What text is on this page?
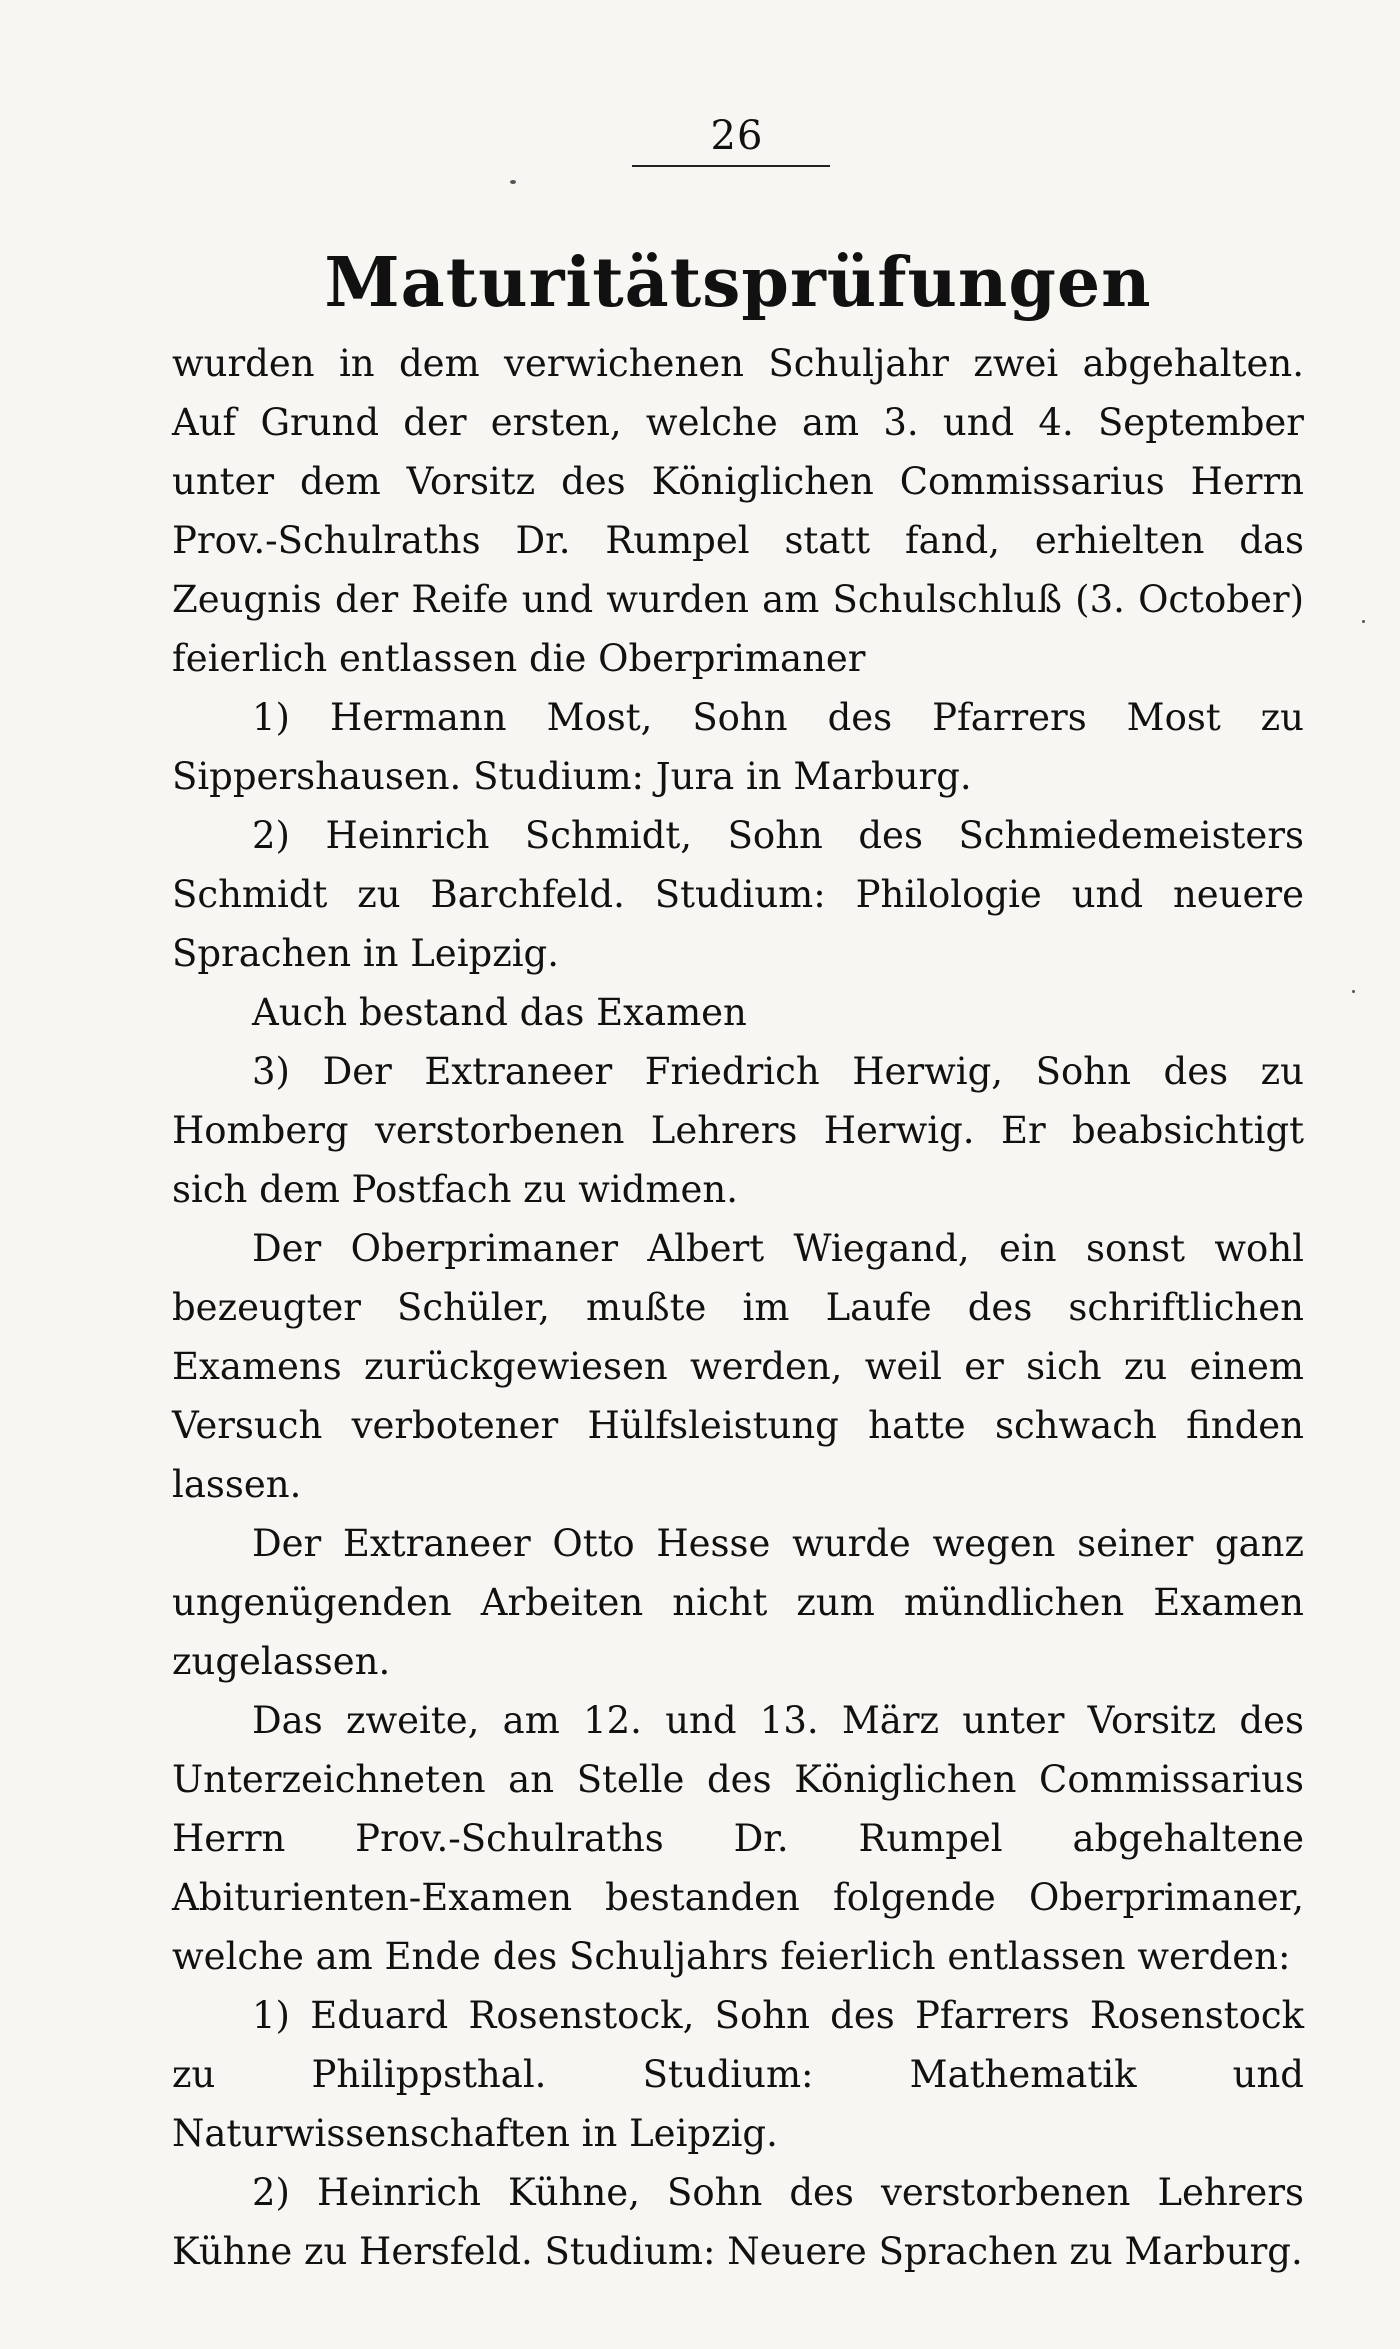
26
Maturitätsprüfungen

wurden in dem verwichenen Schuljahr zwei abgehalten. Auf Grund der ersten, welche am 3. und 4. September unter dem Vorsitz des Königlichen Commissarius Herrn Prov.-Schulraths Dr. Rumpel statt fand, erhielten das Zeugnis der Reife und wurden am Schulschluß (3. October) feierlich entlassen die Oberprimaner

1) Hermann Most, Sohn des Pfarrers Most zu Sippershausen. Studium: Jura in Marburg.

2) Heinrich Schmidt, Sohn des Schmiedemeisters Schmidt zu Barchfeld. Studium: Philologie und neuere Sprachen in Leipzig.

Auch bestand das Examen

3) Der Extraneer Friedrich Herwig, Sohn des zu Homberg verstorbenen Lehrers Herwig. Er beabsichtigt sich dem Postfach zu widmen.

Der Oberprimaner Albert Wiegand, ein sonst wohl bezeugter Schüler, mußte im Laufe des schriftlichen Examens zurückgewiesen werden, weil er sich zu einem Versuch verbotener Hülfsleistung hatte schwach finden lassen.

Der Extraneer Otto Hesse wurde wegen seiner ganz ungenügenden Arbeiten nicht zum mündlichen Examen zugelassen.

Das zweite, am 12. und 13. März unter Vorsitz des Unterzeichneten an Stelle des Königlichen Commissarius Herrn Prov.-Schulraths Dr. Rumpel abgehaltene Abiturienten-Examen bestanden folgende Oberprimaner, welche am Ende des Schuljahrs feierlich entlassen werden:

1) Eduard Rosenstock, Sohn des Pfarrers Rosenstock zu Philippsthal. Studium: Mathematik und Naturwissenschaften in Leipzig.

2) Heinrich Kühne, Sohn des verstorbenen Lehrers Kühne zu Hersfeld. Studium: Neuere Sprachen zu Marburg.
